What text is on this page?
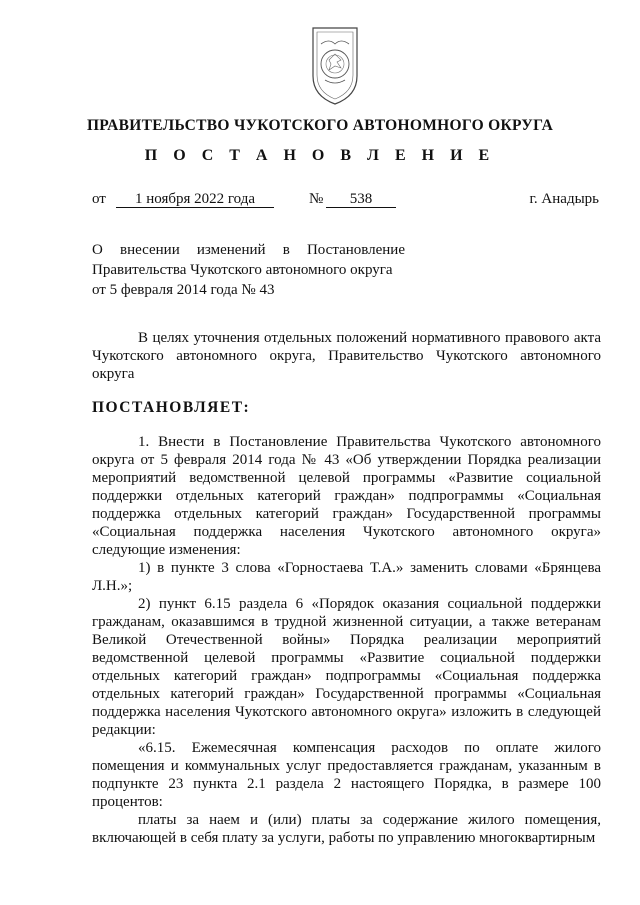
ПРАВИТЕЛЬСТВО ЧУКОТСКОГО АВТОНОМНОГО ОКРУГА
П О С Т А Н О В Л Е Н И Е
от	1 ноября 2022 года	№	538	г. Анадырь
О внесении изменений в Постановление
Правительства Чукотского автономного округа
от 5 февраля 2014 года № 43
В целях уточнения отдельных положений нормативного правового акта Чукотского автономного округа, Правительство Чукотского автономного округа
ПОСТАНОВЛЯЕТ:

1. Внести в Постановление Правительства Чукотского автономного округа от 5 февраля 2014 года № 43 «Об утверждении Порядка реализации мероприятий ведомственной целевой программы «Развитие социальной поддержки отдельных категорий граждан» подпрограммы «Социальная поддержка отдельных категорий граждан» Государственной программы «Социальная поддержка населения Чукотского автономного округа» следующие изменения:

1) в пункте 3 слова «Горностаева Т.А.» заменить словами «Брянцева Л.Н.»;

2) пункт 6.15 раздела 6 «Порядок оказания социальной поддержки гражданам, оказавшимся в трудной жизненной ситуации, а также ветеранам Великой Отечественной войны» Порядка реализации мероприятий ведомственной целевой программы «Развитие социальной поддержки отдельных категорий граждан» подпрограммы «Социальная поддержка отдельных категорий граждан» Государственной программы «Социальная поддержка населения Чукотского автономного округа» изложить в следующей редакции:

«6.15. Ежемесячная компенсация расходов по оплате жилого помещения и коммунальных услуг предоставляется гражданам, указанным в подпункте 23 пункта 2.1 раздела 2 настоящего Порядка, в размере 100 процентов:

платы за наем и (или) платы за содержание жилого помещения, включающей в себя плату за услуги, работы по управлению многоквартирным
